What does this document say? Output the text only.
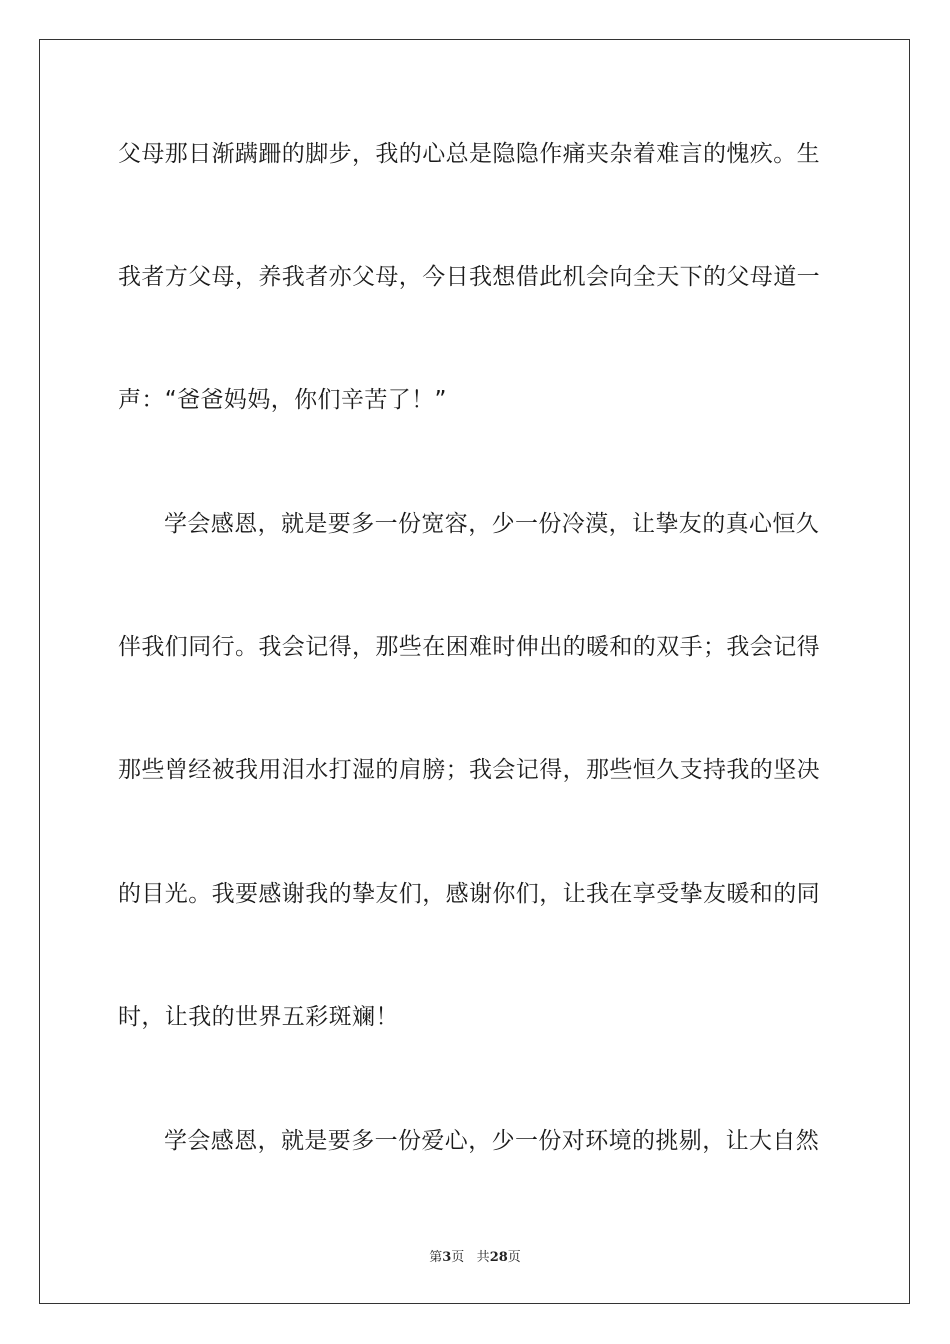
父母那日渐蹒跚的脚步，我的心总是隐隐作痛夹杂着难言的愧疚。生
我者方父母，养我者亦父母，今日我想借此机会向全天下的父母道一
声：“爸爸妈妈，你们辛苦了！”
学会感恩，就是要多一份宽容，少一份冷漠，让挚友的真心恒久
伴我们同行。我会记得，那些在困难时伸出的暖和的双手；我会记得
那些曾经被我用泪水打湿的肩膀；我会记得，那些恒久支持我的坚决
的目光。我要感谢我的挚友们，感谢你们，让我在享受挚友暖和的同
时，让我的世界五彩斑斓！
学会感恩，就是要多一份爱心，少一份对环境的挑剔，让大自然
第3页 共28页
